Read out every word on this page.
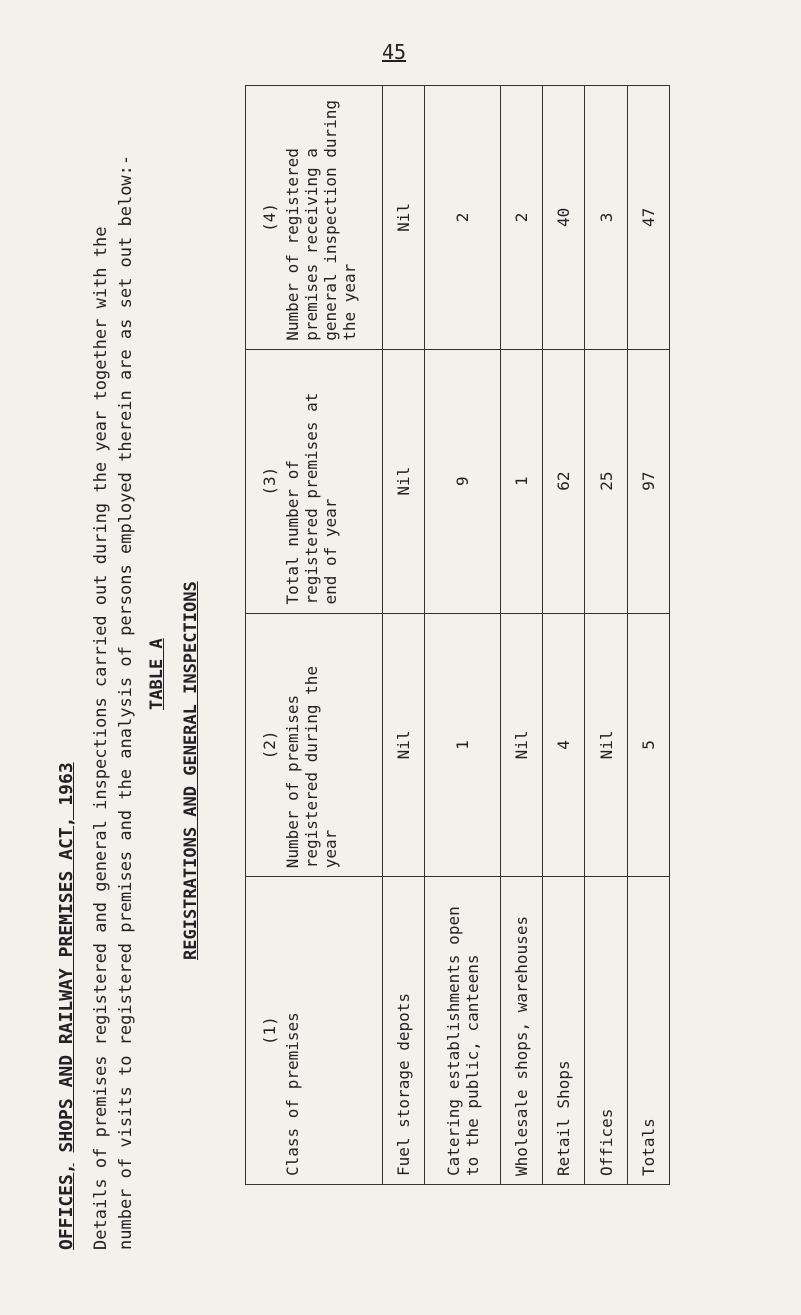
45
OFFICES, SHOPS AND RAILWAY PREMISES ACT, 1963 Details of premises registered and general inspections carried out during the year together with the number of visits to registered premises and the analysis of persons employed therein are as set out below:- TABLE A REGISTRATIONS AND GENERAL INSPECTIONS
(1) Class of premises	(2) Number of premises registered during the year	(3) Total number of registered premises at end of year	(4) Number of registered premises receiving a general inspection during the year
Fuel storage depots	Nil	Nil	Nil
Catering establishments open to the public, canteens	1	9	2
Wholesale shops, warehouses	Nil	1	2
Retail Shops	4	62	40
Offices	Nil	25	3
Totals	5	97	47
